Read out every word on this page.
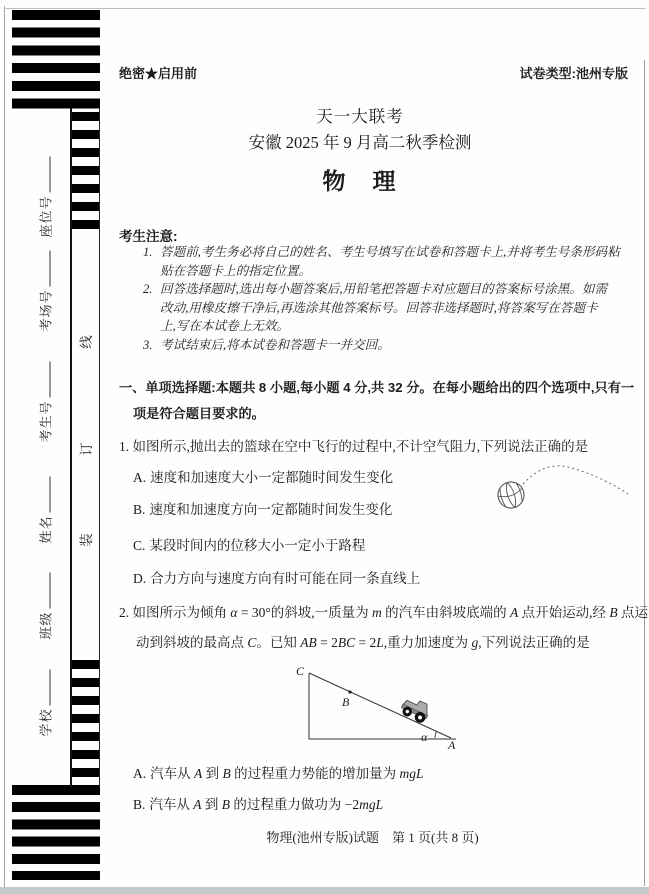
线
订
装
座位号
考场号
考生号
姓名
班级
学校
绝密★启用前	试卷类型:池州专版
天一大联考
安徽 2025 年 9 月高二秋季检测
物　理
考生注意:
1. 答题前,考生务必将自己的姓名、考生号填写在试卷和答题卡上,并将考生号条形码粘
贴在答题卡上的指定位置。
2. 回答选择题时,选出每小题答案后,用铅笔把答题卡对应题目的答案标号涂黑。如需
改动,用橡皮擦干净后,再选涂其他答案标号。回答非选择题时,将答案写在答题卡
上,写在本试卷上无效。
3. 考试结束后,将本试卷和答题卡一并交回。
一、单项选择题:本题共 8 小题,每小题 4 分,共 32 分。在每小题给出的四个选项中,只有一
项是符合题目要求的。
1. 如图所示,抛出去的篮球在空中飞行的过程中,不计空气阻力,下列说法正确的是
A. 速度和加速度大小一定都随时间发生变化
B. 速度和加速度方向一定都随时间发生变化
C. 某段时间内的位移大小一定小于路程
D. 合力方向与速度方向有时可能在同一条直线上
2. 如图所示为倾角 α = 30°的斜坡,一质量为 m 的汽车由斜坡底端的 A 点开始运动,经 B 点运
动到斜坡的最高点 C。已知 AB = 2BC = 2L,重力加速度为 g,下列说法正确的是
C
B
α
A
A. 汽车从 A 到 B 的过程重力势能的增加量为 mgL
B. 汽车从 A 到 B 的过程重力做功为 −2mgL
物理(池州专版)试题　第 1 页(共 8 页)
